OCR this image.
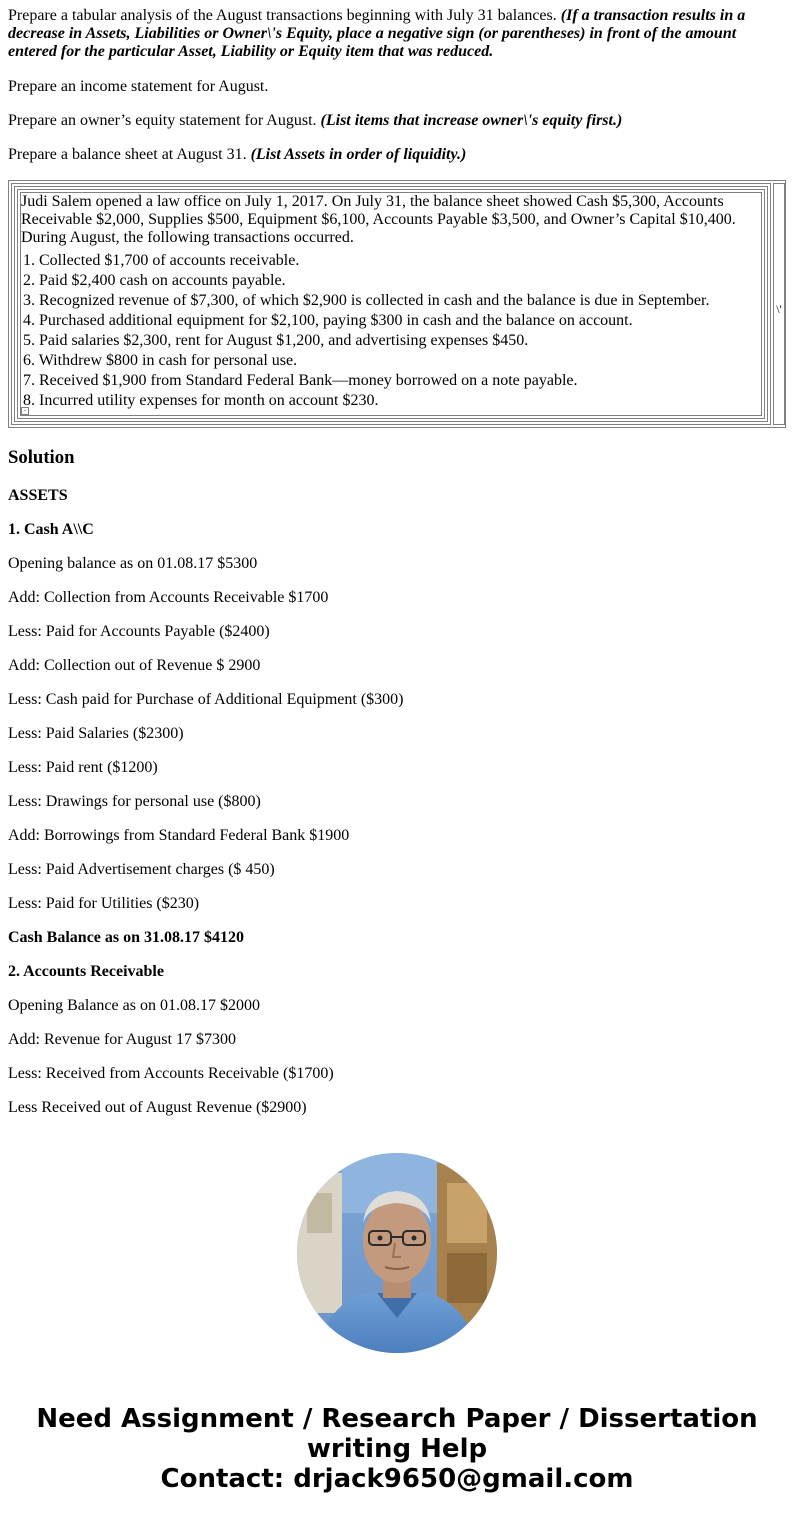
Prepare a tabular analysis of the August transactions beginning with July 31 balances. (If a transaction results in a decrease in Assets, Liabilities or Owner\'s Equity, place a negative sign (or parentheses) in front of the amount entered for the particular Asset, Liability or Equity item that was reduced.

Prepare an income statement for August.

Prepare an owner’s equity statement for August. (List items that increase owner\'s equity first.)

Prepare a balance sheet at August 31. (List Assets in order of liquidity.)

Judi Salem opened a law office on July 1, 2017. On July 31, the balance sheet showed Cash $5,300, Accounts Receivable $2,000, Supplies $500, Equipment $6,100, Accounts Payable $3,500, and Owner’s Capital $10,400. During August, the following transactions occurred.
1. Collected $1,700 of accounts receivable.
2. Paid $2,400 cash on accounts payable.
3. Recognized revenue of $7,300, of which $2,900 is collected in cash and the balance is due in September.
4. Purchased additional equipment for $2,100, paying $300 in cash and the balance on account.
5. Paid salaries $2,300, rent for August $1,200, and advertising expenses $450.
6. Withdrew $800 in cash for personal use.
7. Received $1,900 from Standard Federal Bank—money borrowed on a note payable.
8. Incurred utility expenses for month on account $230.
-
\'
Solution
ASSETS
1. Cash A\\C
Opening balance as on 01.08.17 $5300
Add: Collection from Accounts Receivable $1700
Less: Paid for Accounts Payable ($2400)
Add: Collection out of Revenue $ 2900
Less: Cash paid for Purchase of Additional Equipment ($300)
Less: Paid Salaries ($2300)
Less: Paid rent ($1200)
Less: Drawings for personal use ($800)
Add: Borrowings from Standard Federal Bank $1900
Less: Paid Advertisement charges ($ 450)
Less: Paid for Utilities ($230)
Cash Balance as on 31.08.17 $4120
2. Accounts Receivable
Opening Balance as on 01.08.17 $2000
Add: Revenue for August 17 $7300
Less: Received from Accounts Receivable ($1700)
Less Received out of August Revenue ($2900)
Need Assignment / Research Paper / Dissertation
writing Help
Contact: drjack9650@gmail.com
